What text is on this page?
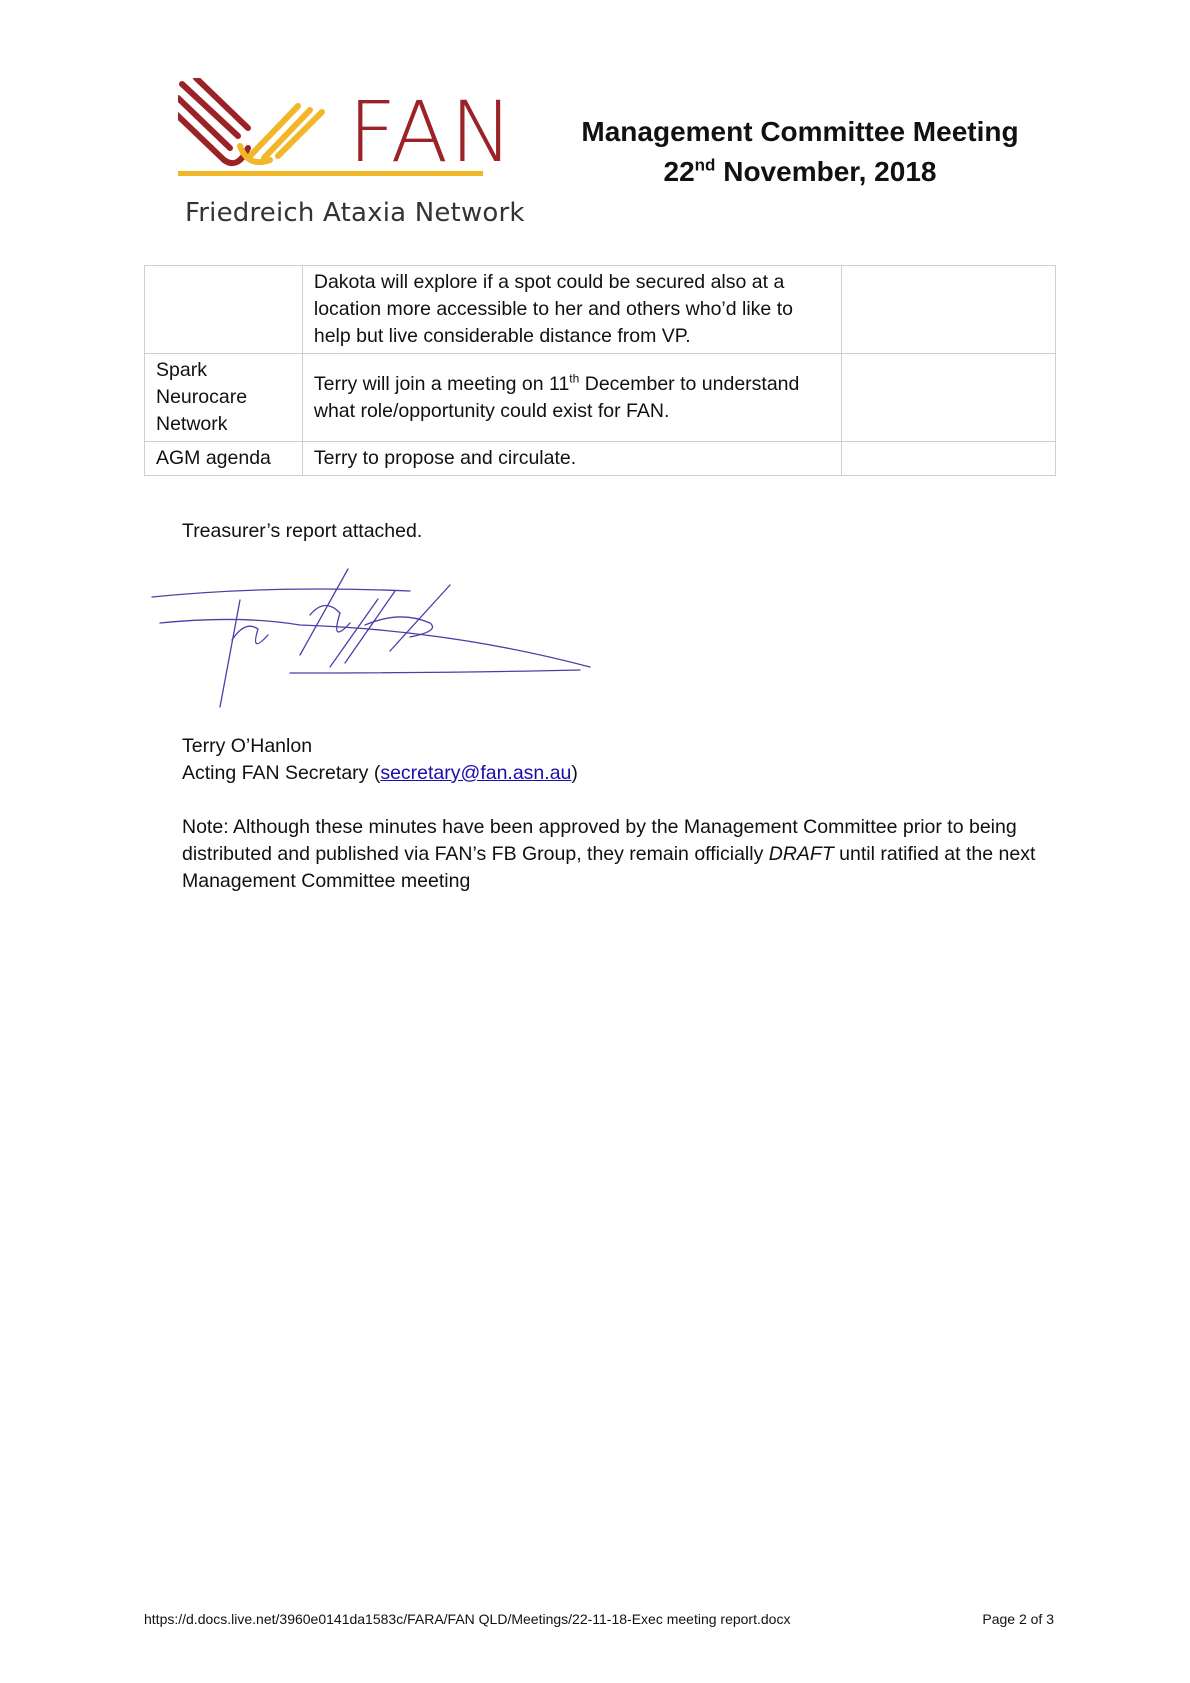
FAN
Friedreich Ataxia Network
Management Committee Meeting
22nd November, 2018
	Dakota will explore if a spot could be secured also at a location more accessible to her and others who’d like to help but live considerable distance from VP.	
Spark Neurocare Network	Terry will join a meeting on 11th December to understand what role/opportunity could exist for FAN.	
AGM agenda	Terry to propose and circulate.	
Treasurer’s report attached.
Terry O’Hanlon
Acting FAN Secretary (secretary@fan.asn.au)
Note: Although these minutes have been approved by the Management Committee prior to being distributed and published via FAN’s FB Group, they remain officially DRAFT until ratified at the next Management Committee meeting
https://d.docs.live.net/3960e0141da1583c/FARA/FAN QLD/Meetings/22-11-18-Exec meeting report.docx	Page 2 of 3
